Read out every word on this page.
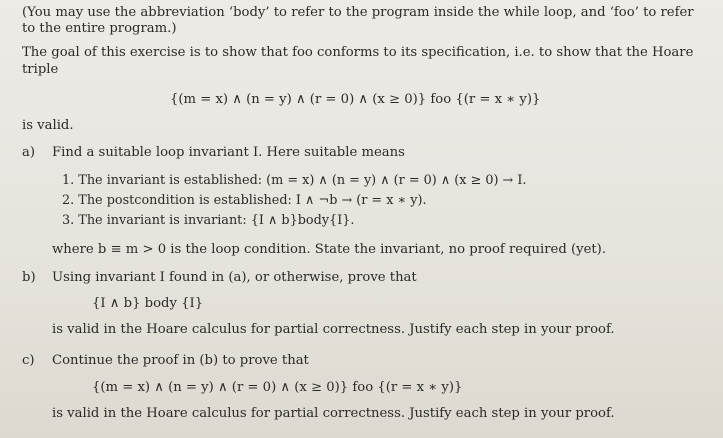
(You may use the abbreviation ‘body’ to refer to the program inside the while loop, and ‘foo’ to refer
to the entire program.)
The goal of this exercise is to show that foo conforms to its specification, i.e. to show that the Hoare
triple
{(m = x) ∧ (n = y) ∧ (r = 0) ∧ (x ≥ 0)} foo {(r = x ∗ y)}
is valid.
a) Find a suitable loop invariant I. Here suitable means
1. The invariant is established: (m = x) ∧ (n = y) ∧ (r = 0) ∧ (x ≥ 0) → I.
2. The postcondition is established: I ∧ ¬b → (r = x ∗ y).
3. The invariant is invariant: {I ∧ b}body{I}.
where b ≡ m > 0 is the loop condition. State the invariant, no proof required (yet).
b) Using invariant I found in (a), or otherwise, prove that
{I ∧ b} body {I}
is valid in the Hoare calculus for partial correctness. Justify each step in your proof.
c) Continue the proof in (b) to prove that
{(m = x) ∧ (n = y) ∧ (r = 0) ∧ (x ≥ 0)} foo {(r = x ∗ y)}
is valid in the Hoare calculus for partial correctness. Justify each step in your proof.
